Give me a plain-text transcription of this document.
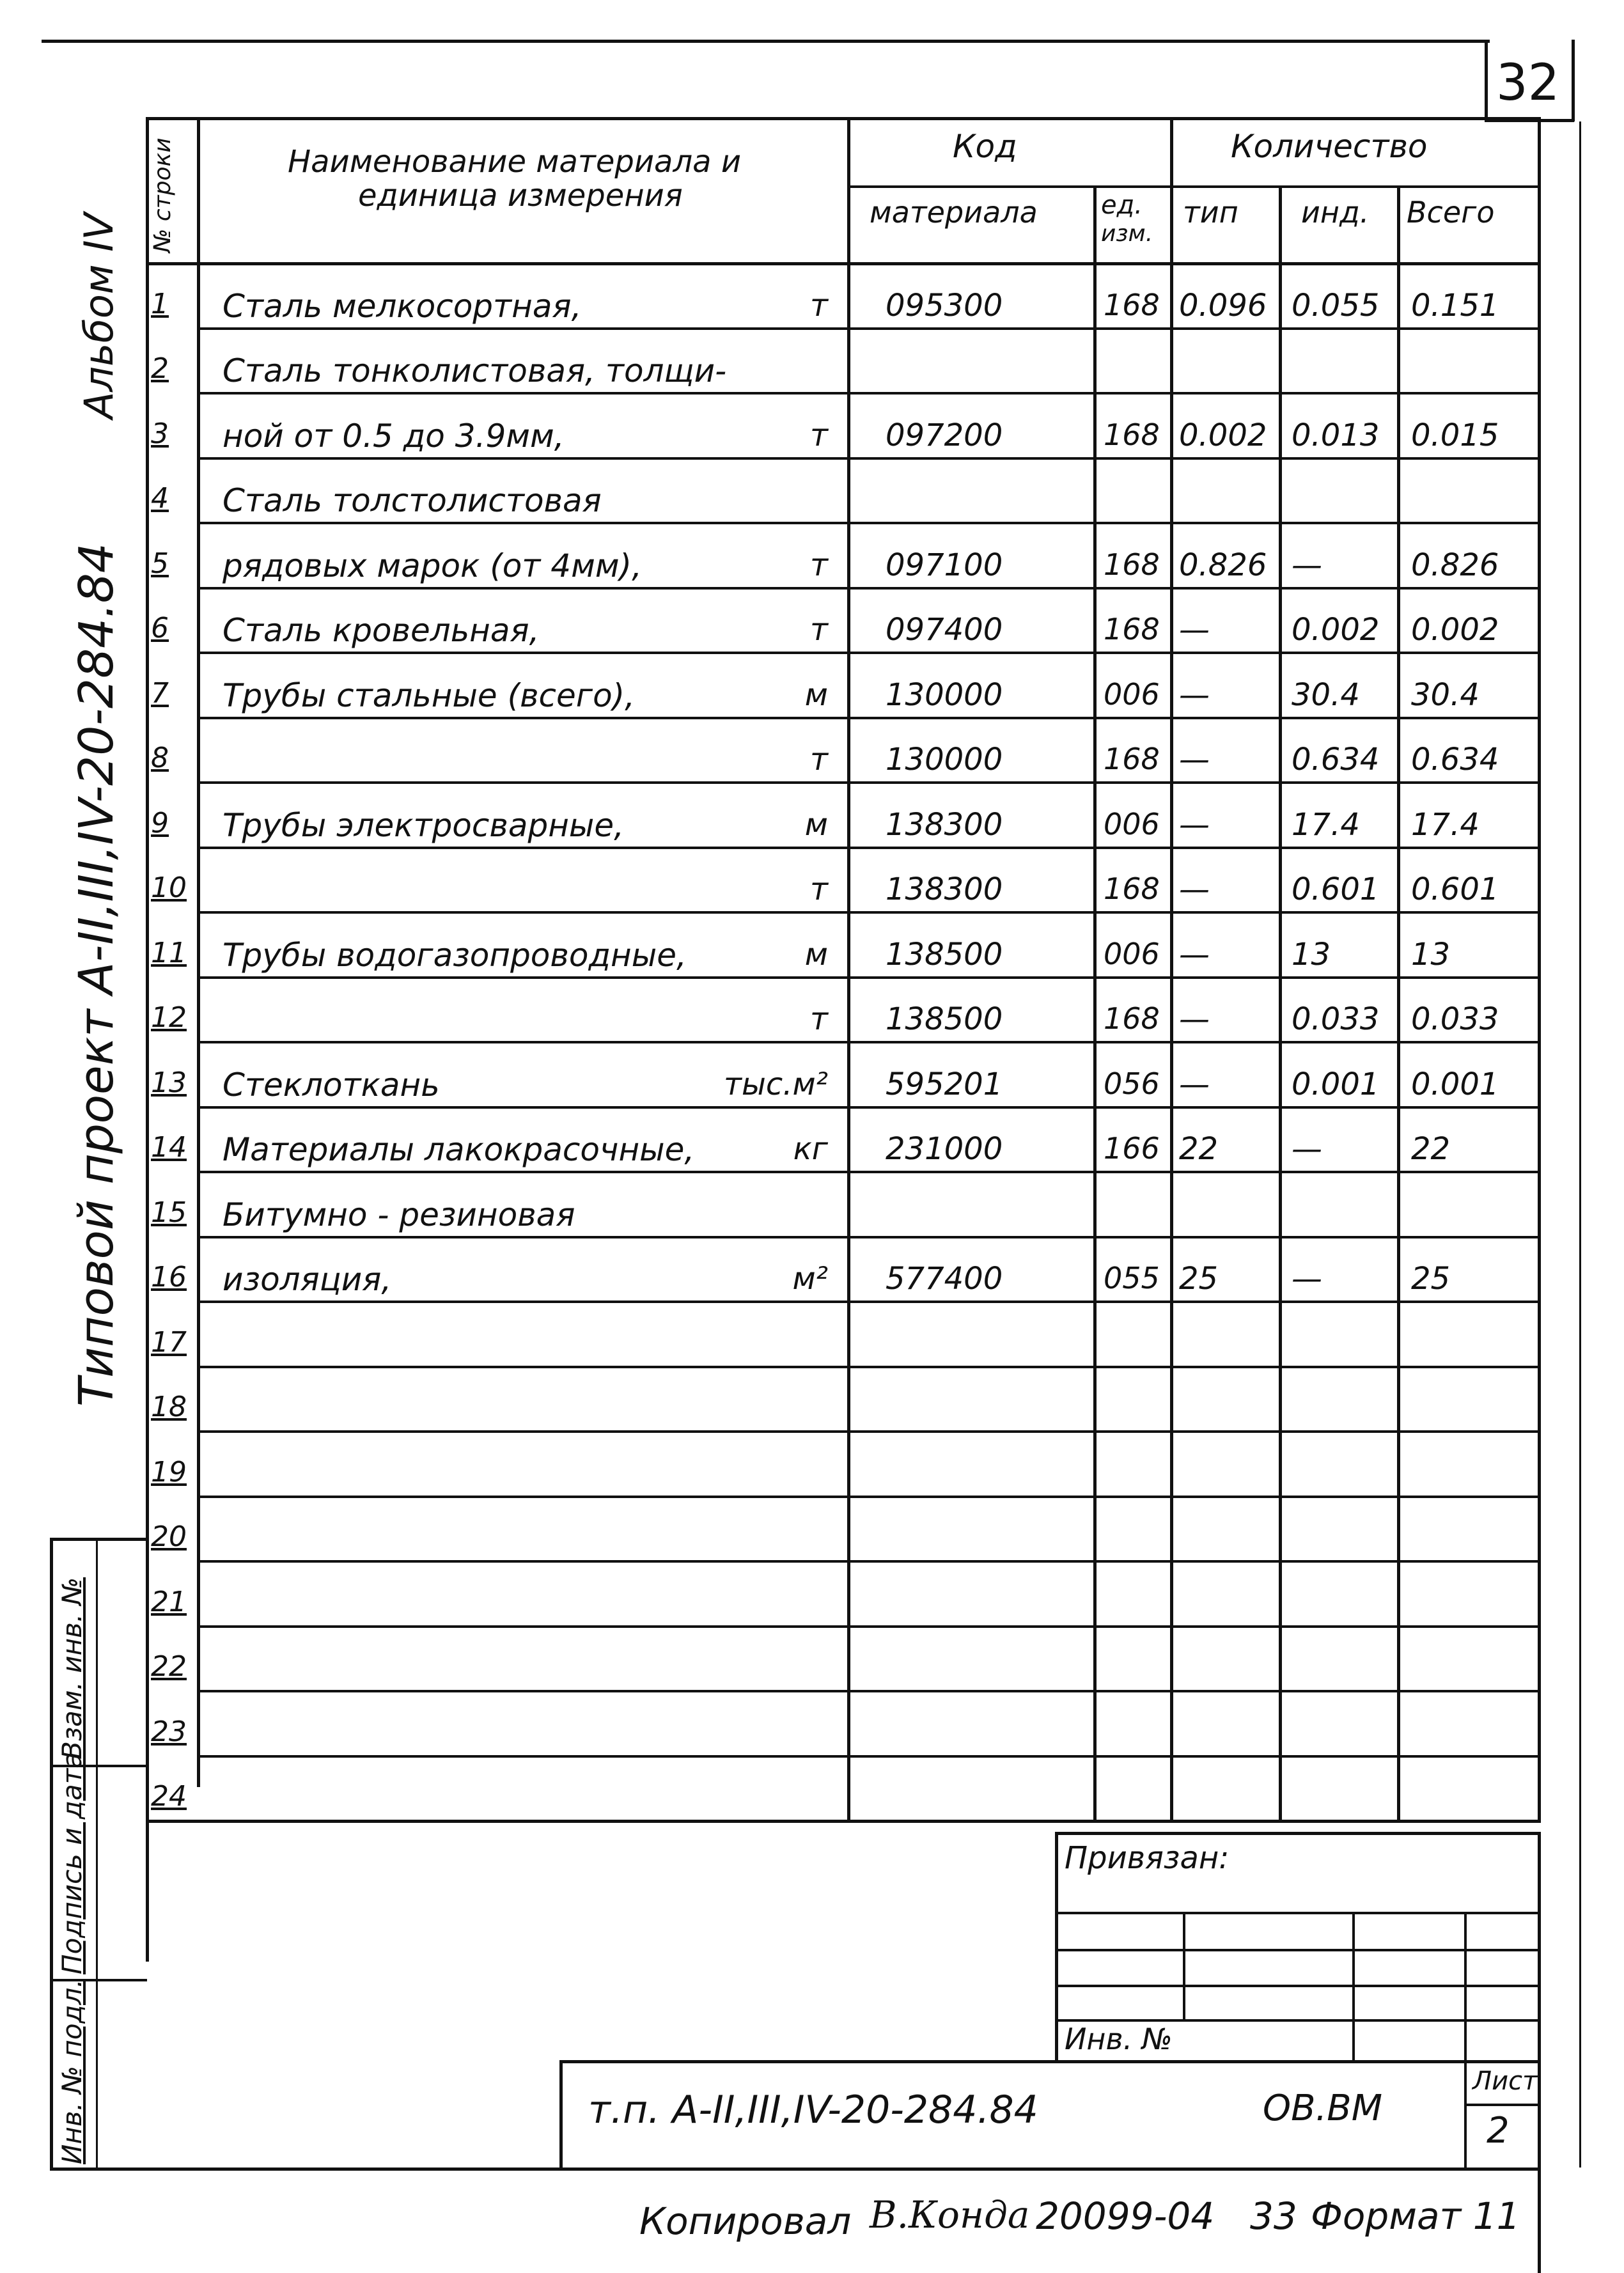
32
№ строки	Наименование материала и
единица измерения
Код
материала ед.
изм.
Количество
тип инд. Всего
1 Сталь мелкосортная,	т 095300	168 0.096 0.055 0.151
2 Сталь тонколистовая, толщи-
3 ной от 0.5 до 3.9мм,	т 097200	168 0.002 0.013 0.015
4 Сталь толстолистовая
5 рядовых марок (от 4мм),	т 097100	168 0.826 —	0.826
6 Сталь кровельная,	т 097400	168 —	0.002 0.002
7 Трубы стальные (всего),	м 130000	006 —	30.4 30.4
8	т 130000	168 —	0.634 0.634
9 Трубы электросварные,	м 138300	006 —	17.4 17.4
10	т 138300	168 —	0.601 0.601
11 Трубы водогазопроводные,	м 138500	006 —	13	13
12	т 138500	168 —	0.033 0.033
13 Стеклоткань	тыс.м² 595201	056 —	0.001 0.001
14 Материалы лакокрасочные,	кг 231000	166 22 —	22
15 Битумно - резиновая
16 изоляция,	м² 577400	055 25 —	25
17
18
19
20
21
22
23
24
Инв. № подл.
Подпись и дата
Взам. инв. №
Альбом IV
Типовой проект А-II,III,IV-20-284.84
Привязан:
Инв. №
т.п. А-II,III,IV-20-284.84	ОВ.ВМ
Лист
2
Копировал В.Конда 20099-04 33 Формат 11
